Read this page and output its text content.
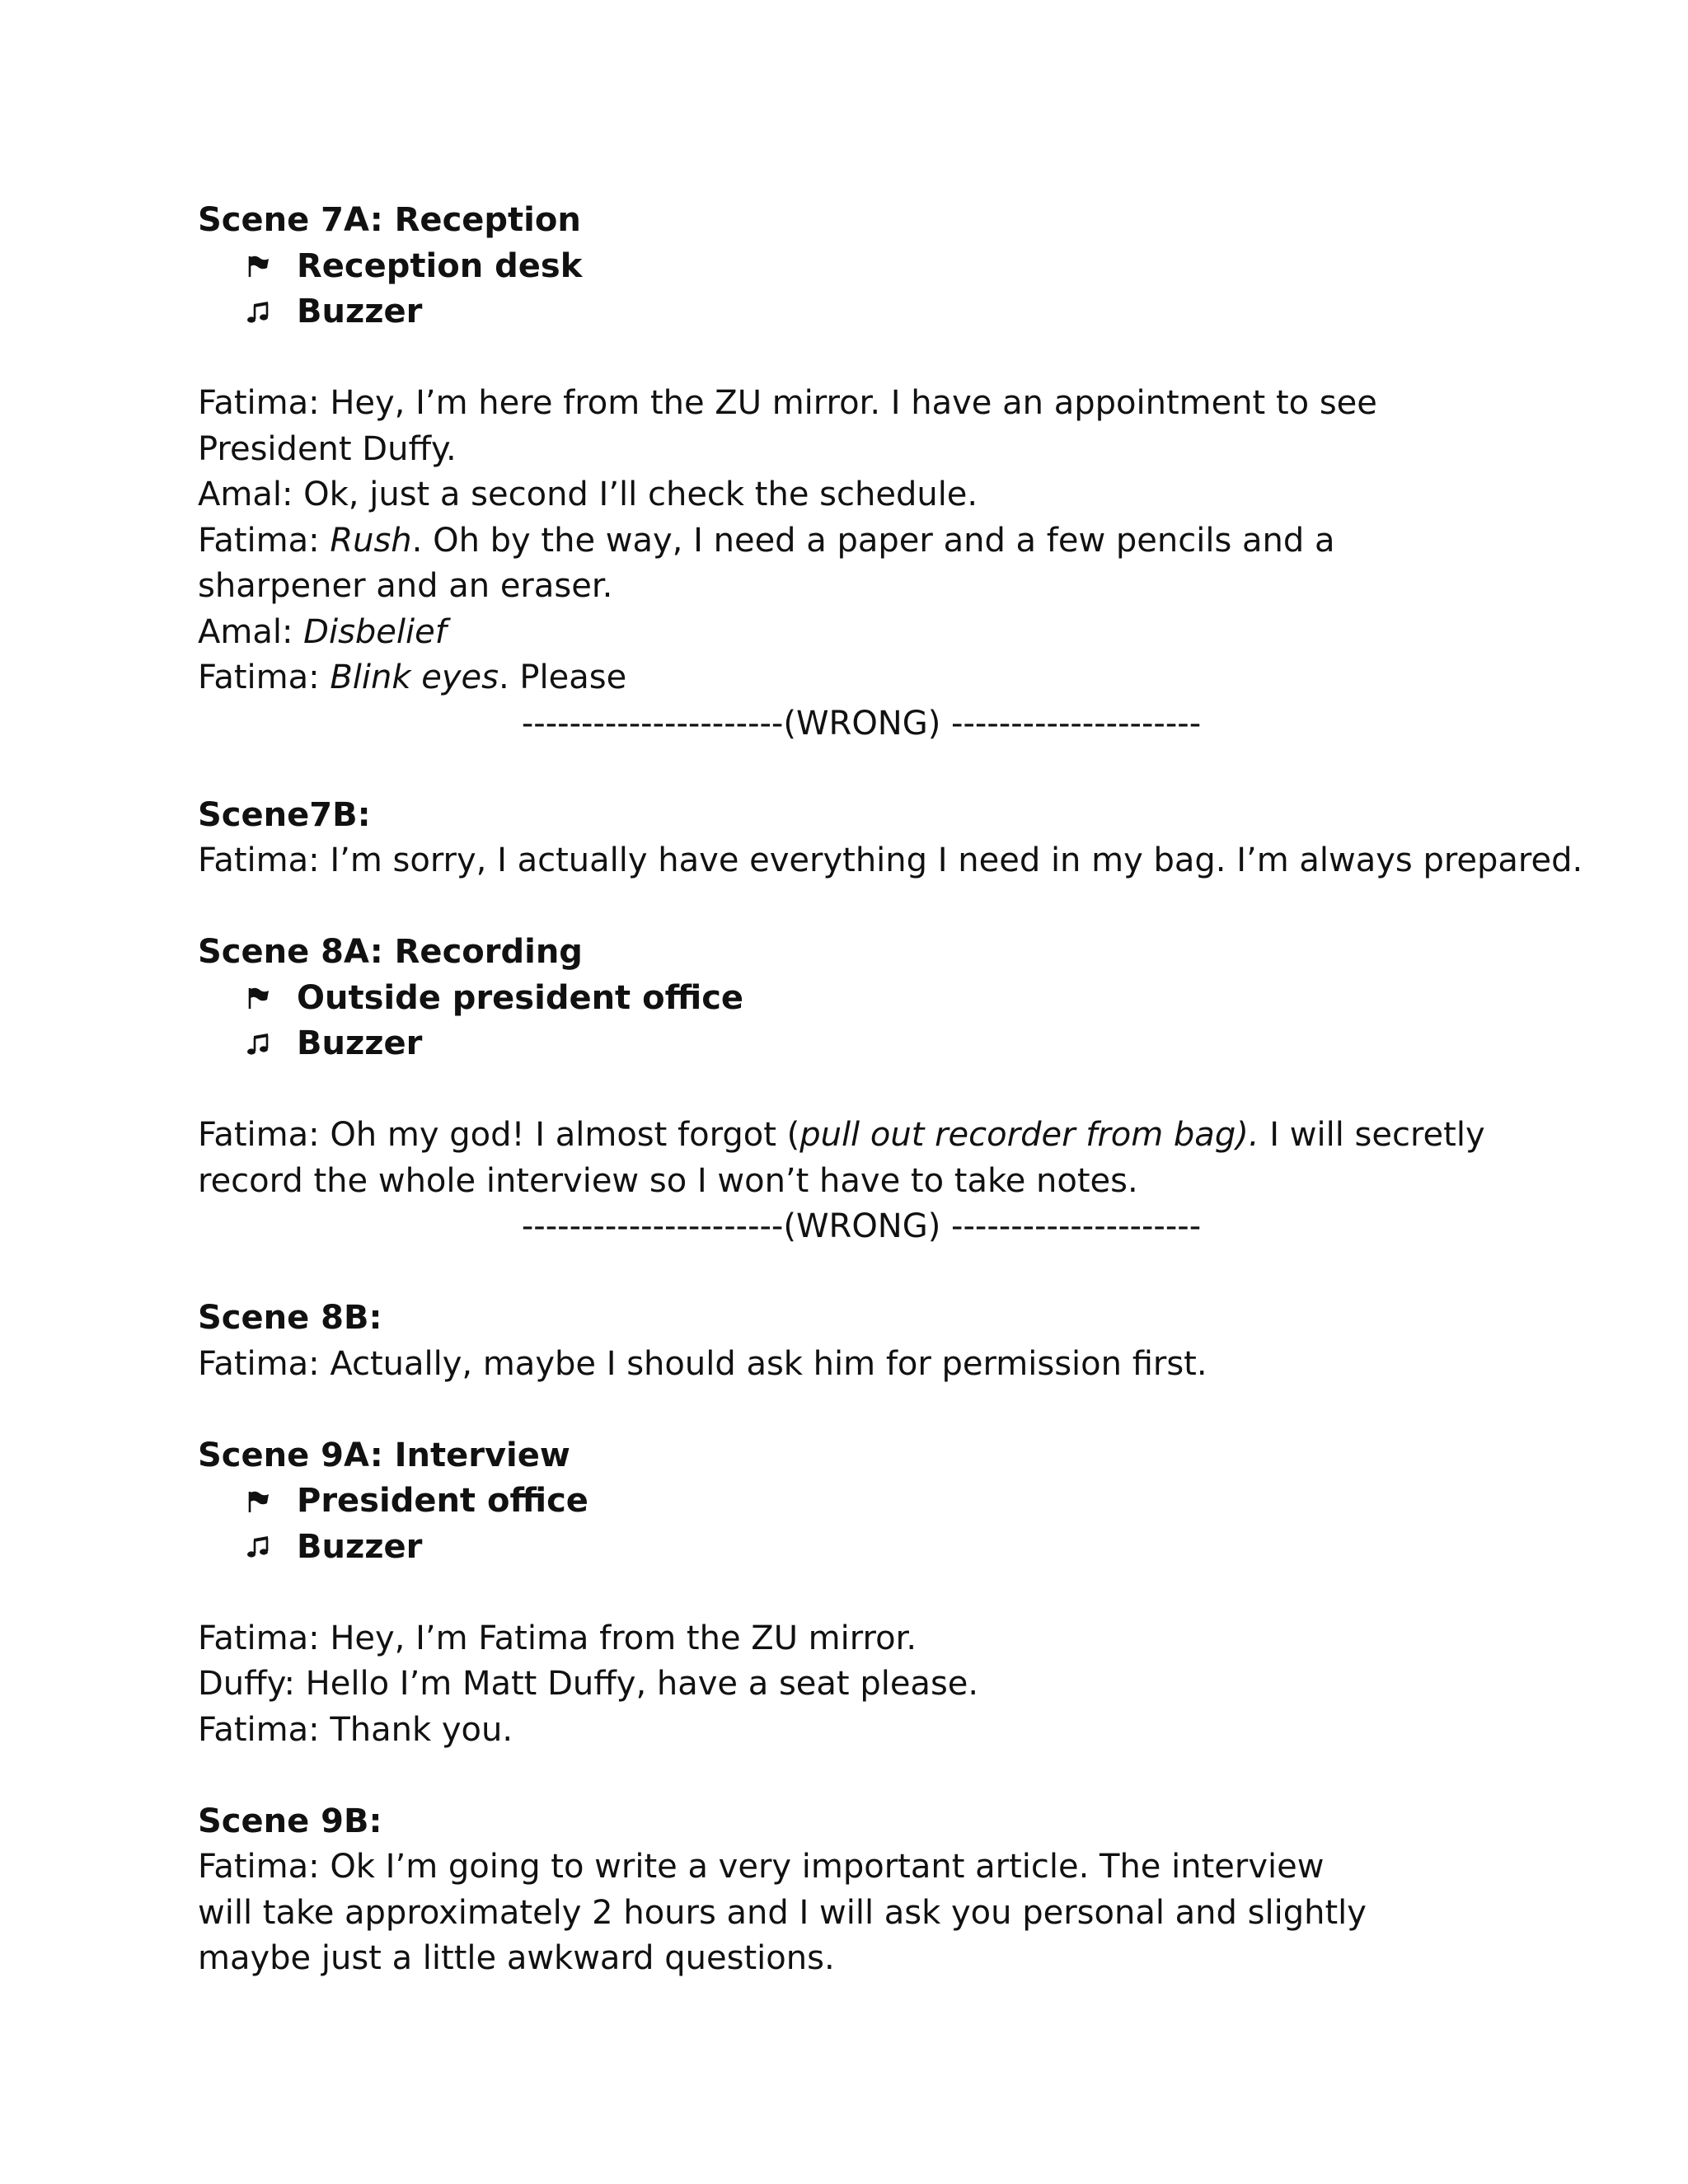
Scene 7A: Reception
Reception desk
Buzzer
Fatima: Hey, I’m here from the ZU mirror. I have an appointment to see President Duffy.
Amal: Ok, just a second I’ll check the schedule.
Fatima: Rush. Oh by the way, I need a paper and a few pencils and a sharpener and an eraser.
Amal: Disbelief
Fatima: Blink eyes. Please
----------------------(WRONG) ---------------------
Scene7B:
Fatima: I’m sorry, I actually have everything I need in my bag. I’m always prepared.
Scene 8A: Recording
Outside president office
Buzzer
Fatima: Oh my god! I almost forgot (pull out recorder from bag). I will secretly record the whole interview so I won’t have to take notes.
----------------------(WRONG) ---------------------
Scene 8B:
Fatima: Actually, maybe I should ask him for permission first.
Scene 9A: Interview
President office
Buzzer
Fatima: Hey, I’m Fatima from the ZU mirror.
Duffy: Hello I’m Matt Duffy, have a seat please.
Fatima: Thank you.
Scene 9B:
Fatima: Ok I’m going to write a very important article. The interview will take approximately 2 hours and I will ask you personal and slightly maybe just a little awkward questions.
